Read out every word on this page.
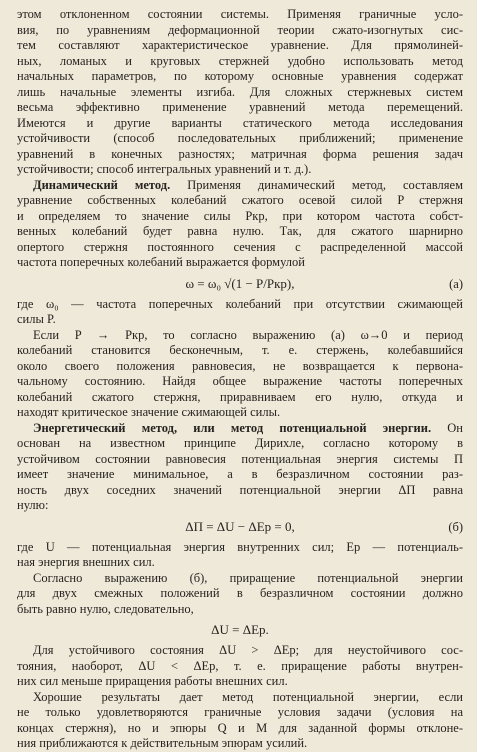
этом отклоненном состоянии системы. Применяя граничные усло-
вия, по уравнениям деформационной теории сжато-изогнутых сис-
тем составляют характеристическое уравнение. Для прямолиней-
ных, ломаных и круговых стержней удобно использовать метод
начальных параметров, по которому основные уравнения содержат
лишь начальные элементы изгиба. Для сложных стержневых систем
весьма эффективно применение уравнений метода перемещений.
Имеются и другие варианты статического метода исследования
устойчивости (способ последовательных приближений; применение
уравнений в конечных разностях; матричная форма решения задач
устойчивости; способ интегральных уравнений и т. д.).
Динамический метод. Применяя динамический метод, составляем
уравнение собственных колебаний сжатого осевой силой P стержня
и определяем то значение силы Pкр, при котором частота собст-
венных колебаний будет равна нулю. Так, для сжатого шарнирно
опертого стержня постоянного сечения с распределенной массой
частота поперечных колебаний выражается формулой
ω = ω₀ √(1 − P/Pкр),	(а)
где ω₀ — частота поперечных колебаний при отсутствии сжимающей
силы P.
Если P → Pкр, то согласно выражению (а) ω→0 и период
колебаний становится бесконечным, т. е. стержень, колебавшийся
около своего положения равновесия, не возвращается к первона-
чальному состоянию. Найдя общее выражение частоты поперечных
колебаний сжатого стержня, приравниваем его нулю, откуда и
находят критическое значение сжимающей силы.
Энергетический метод, или метод потенциальной энергии. Он
основан на известном принципе Дирихле, согласно которому в
устойчивом состоянии равновесия потенциальная энергия системы П
имеет значение минимальное, а в безразличном состоянии раз-
ность двух соседних значений потенциальной энергии ΔП равна
нулю:
ΔП = ΔU − ΔEp = 0,	(б)
где U — потенциальная энергия внутренних сил; Ep — потенциаль-
ная энергия внешних сил.
Согласно выражению (б), приращение потенциальной энергии
для двух смежных положений в безразличном состоянии должно
быть равно нулю, следовательно,
ΔU = ΔEp.
Для устойчивого состояния ΔU > ΔEp; для неустойчивого сос-
тояния, наоборот, ΔU < ΔEp, т. е. приращение работы внутрен-
них сил меньше приращения работы внешних сил.
Хорошие результаты дает метод потенциальной энергии, если
не только удовлетворяются граничные условия задачи (условия на
концах стержня), но и эпюры Q и M для заданной формы отклоне-
ния приближаются к действительным эпюрам усилий.
